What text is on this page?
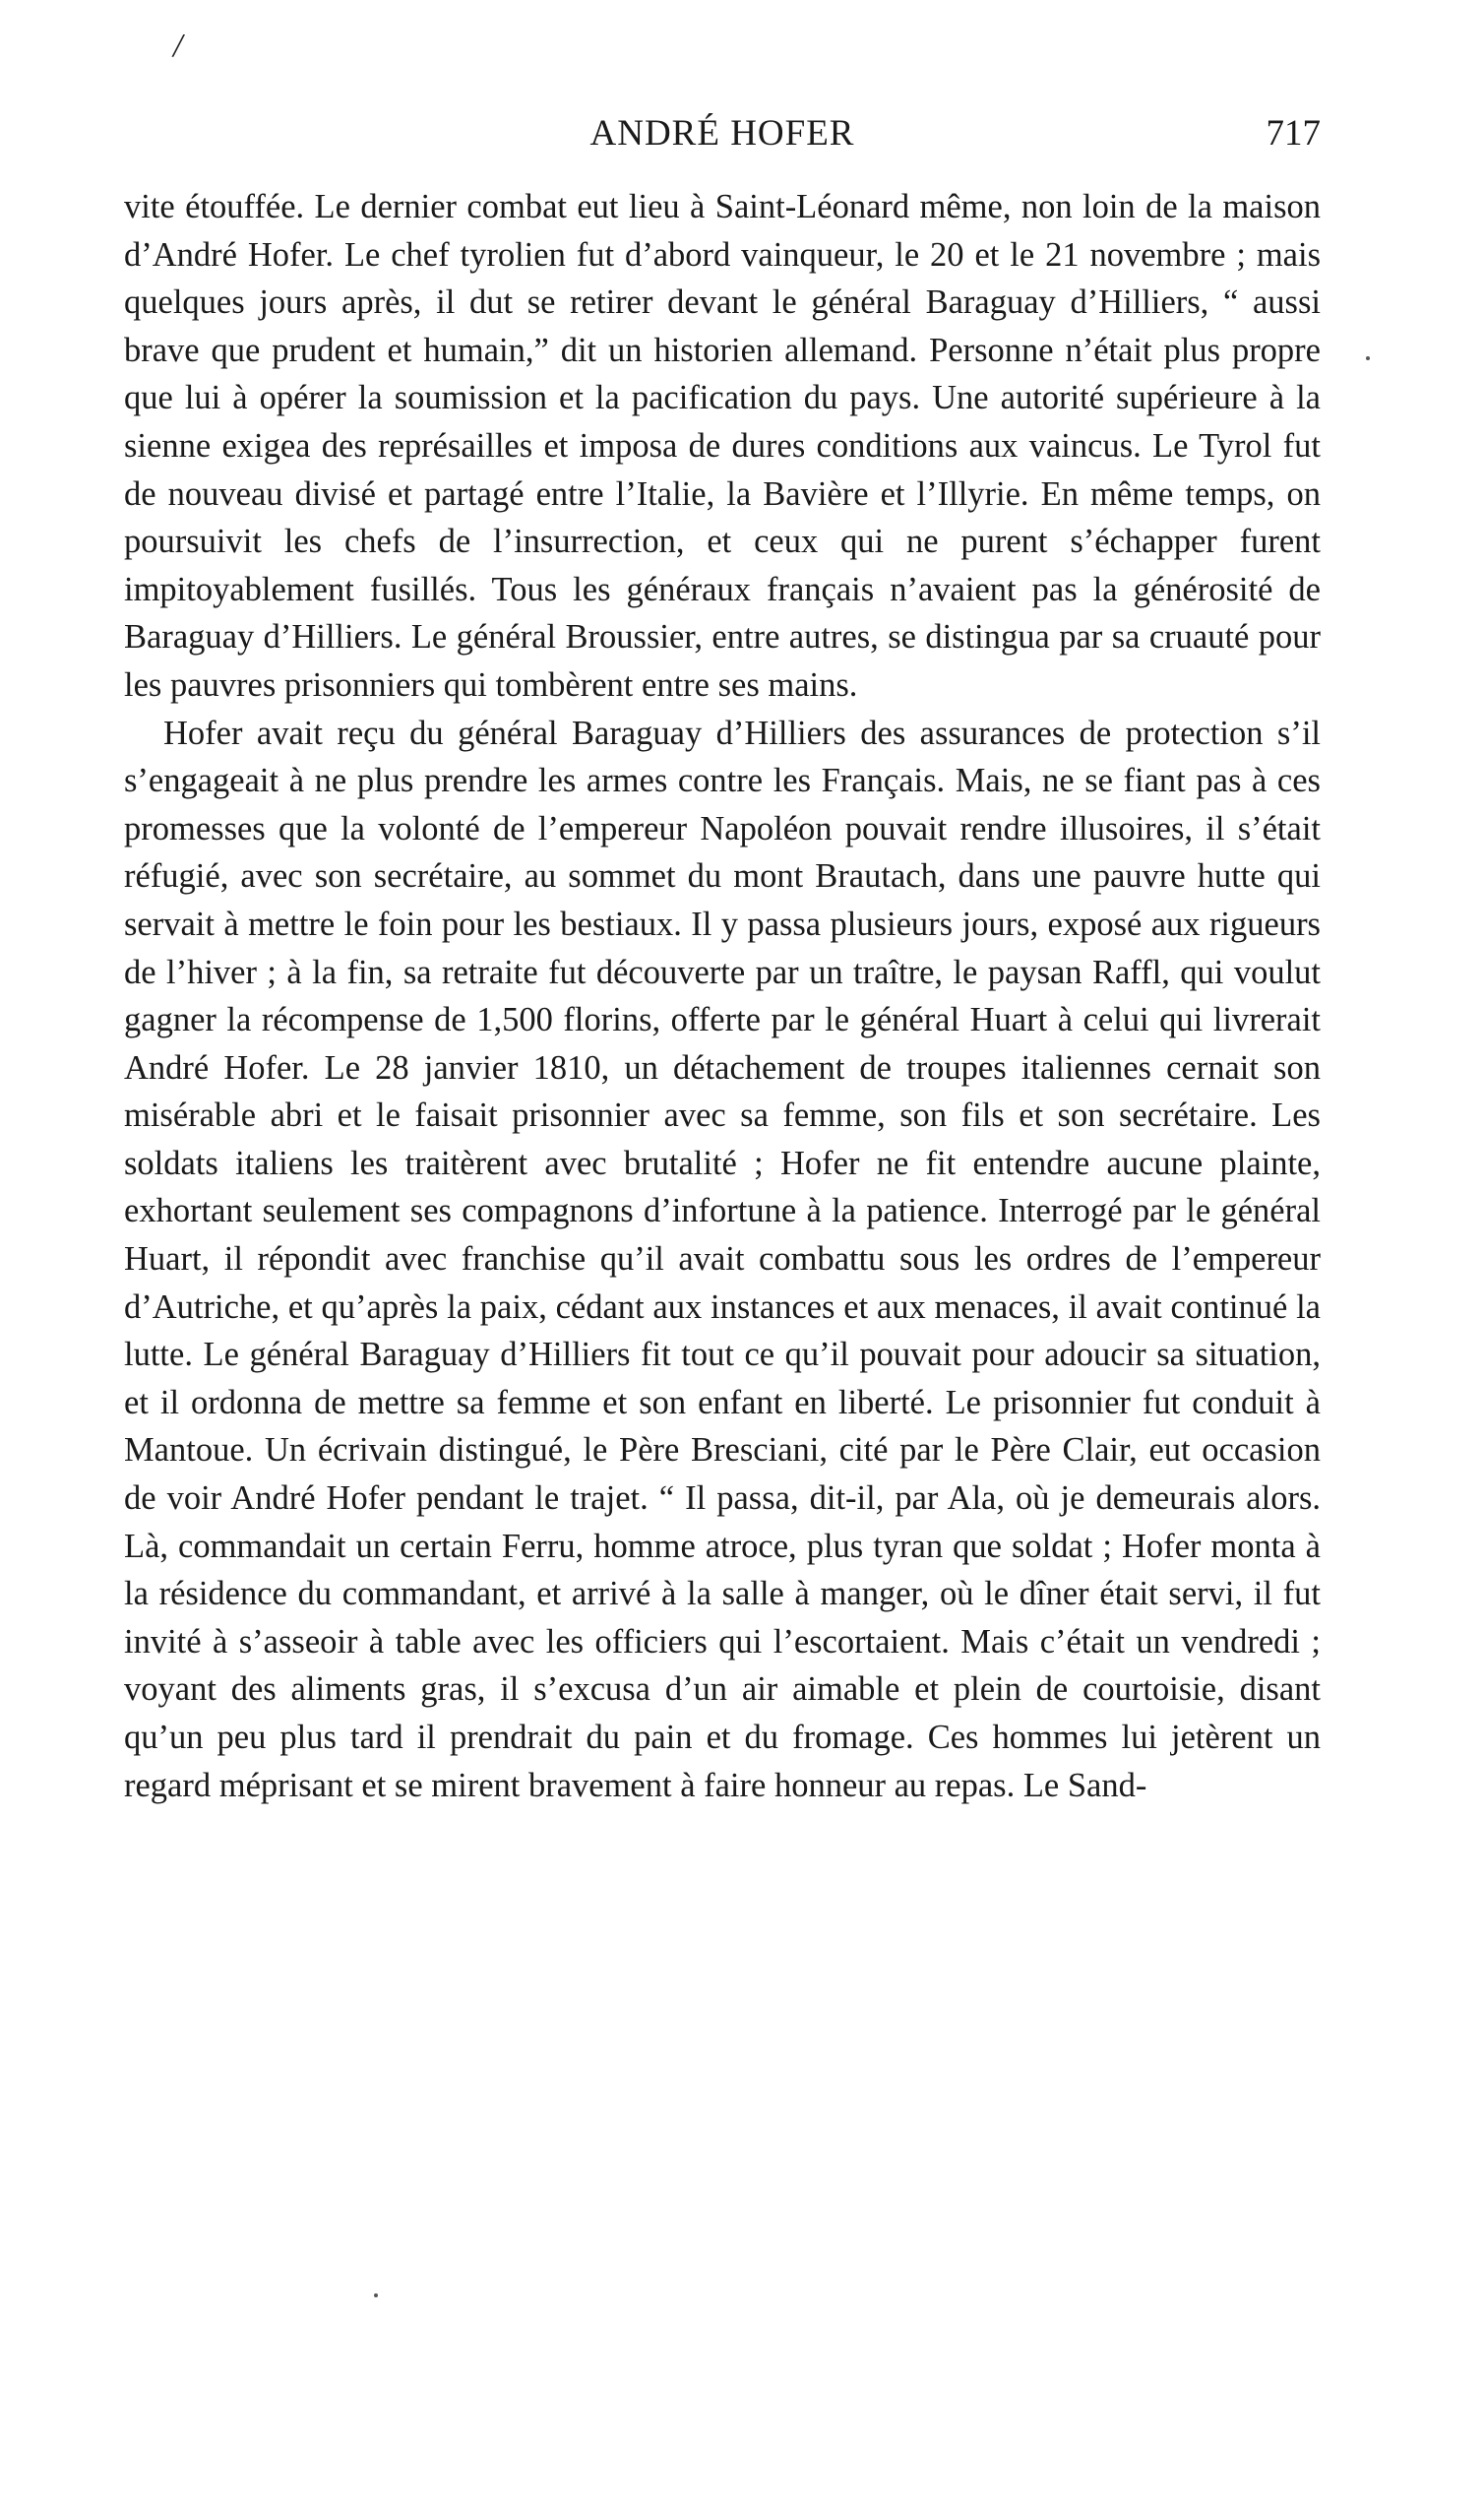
/
ANDRÉ HOFER	717

vite étouffée. Le dernier combat eut lieu à Saint-Léonard même, non loin de la maison d’André Hofer. Le chef tyrolien fut d’abord vainqueur, le 20 et le 21 novembre ; mais quelques jours après, il dut se retirer devant le général Baraguay d’Hilliers, “ aussi brave que prudent et humain,” dit un historien allemand. Personne n’était plus propre que lui à opérer la soumission et la pacification du pays. Une autorité supérieure à la sienne exigea des représailles et imposa de dures conditions aux vaincus. Le Tyrol fut de nouveau divisé et partagé entre l’Italie, la Bavière et l’Illyrie. En même temps, on poursuivit les chefs de l’insurrection, et ceux qui ne purent s’échapper furent impitoyablement fusillés. Tous les généraux français n’avaient pas la générosité de Baraguay d’Hilliers. Le général Broussier, entre autres, se distingua par sa cruauté pour les pauvres prisonniers qui tombèrent entre ses mains.

Hofer avait reçu du général Baraguay d’Hilliers des assurances de protection s’il s’engageait à ne plus prendre les armes contre les Français. Mais, ne se fiant pas à ces promesses que la volonté de l’empereur Napoléon pouvait rendre illusoires, il s’était réfugié, avec son secrétaire, au sommet du mont Brautach, dans une pauvre hutte qui servait à mettre le foin pour les bestiaux. Il y passa plusieurs jours, exposé aux rigueurs de l’hiver ; à la fin, sa retraite fut découverte par un traître, le paysan Raffl, qui voulut gagner la récompense de 1,500 florins, offerte par le général Huart à celui qui livrerait André Hofer. Le 28 janvier 1810, un détachement de troupes italiennes cernait son misérable abri et le faisait prisonnier avec sa femme, son fils et son secrétaire. Les soldats italiens les traitèrent avec brutalité ; Hofer ne fit entendre aucune plainte, exhortant seulement ses compagnons d’infortune à la patience. Interrogé par le général Huart, il répondit avec franchise qu’il avait combattu sous les ordres de l’empereur d’Autriche, et qu’après la paix, cédant aux instances et aux menaces, il avait continué la lutte. Le général Baraguay d’Hilliers fit tout ce qu’il pouvait pour adoucir sa situation, et il ordonna de mettre sa femme et son enfant en liberté. Le prisonnier fut conduit à Mantoue. Un écrivain distingué, le Père Bresciani, cité par le Père Clair, eut occasion de voir André Hofer pendant le trajet. “ Il passa, dit-il, par Ala, où je demeurais alors. Là, commandait un certain Ferru, homme atroce, plus tyran que soldat ; Hofer monta à la résidence du commandant, et arrivé à la salle à manger, où le dîner était servi, il fut invité à s’asseoir à table avec les officiers qui l’escortaient. Mais c’était un vendredi ; voyant des aliments gras, il s’excusa d’un air aimable et plein de courtoisie, disant qu’un peu plus tard il prendrait du pain et du fromage. Ces hommes lui jetèrent un regard méprisant et se mirent bravement à faire honneur au repas. Le Sand-
